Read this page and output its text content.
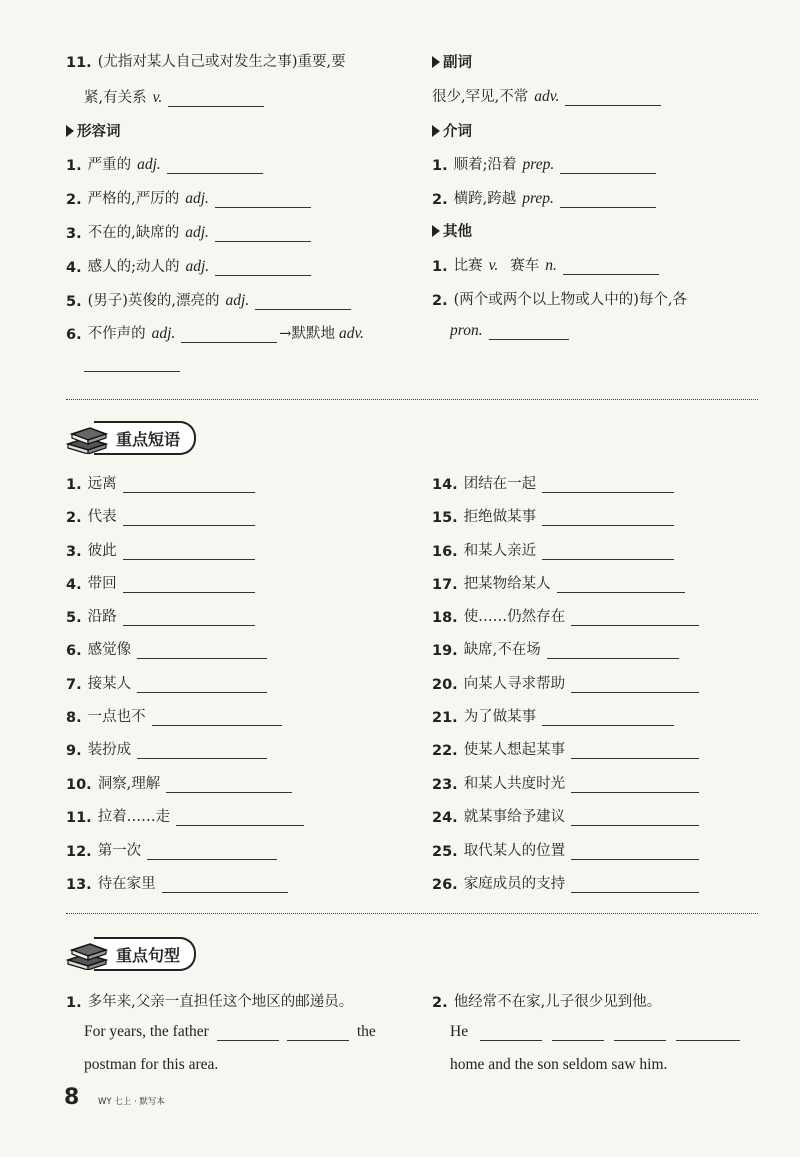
11. (尤指对某人自己或对发生之事)重要,要
紧,有关系 v.
形容词
1. 严重的 adj.
2. 严格的,严厉的 adj.
3. 不在的,缺席的 adj.
4. 感人的;动人的 adj.
5. (男子)英俊的,漂亮的 adj.
6. 不作声的 adj.	→默默地 adv.
副词
很少,罕见,不常 adv.
介词
1. 顺着;沿着 prep.
2. 横跨,跨越 prep.
其他
1. 比赛 v. 赛车 n.
2. (两个或两个以上物或人中的)每个,各
pron.
重点短语
1. 远离
2. 代表
3. 彼此
4. 带回
5. 沿路
6. 感觉像
7. 接某人
8. 一点也不
9. 装扮成
10. 洞察,理解
11. 拉着……走
12. 第一次
13. 待在家里
14. 团结在一起
15. 拒绝做某事
16. 和某人亲近
17. 把某物给某人
18. 使……仍然存在
19. 缺席,不在场
20. 向某人寻求帮助
21. 为了做某事
22. 使某人想起某事
23. 和某人共度时光
24. 就某事给予建议
25. 取代某人的位置
26. 家庭成员的支持
重点句型
1. 多年来,父亲一直担任这个地区的邮递员。
For years, the father	the
postman for this area.
2. 他经常不在家,儿子很少见到他。
He
home and the son seldom saw him.
8 WY 七上 · 默写本
